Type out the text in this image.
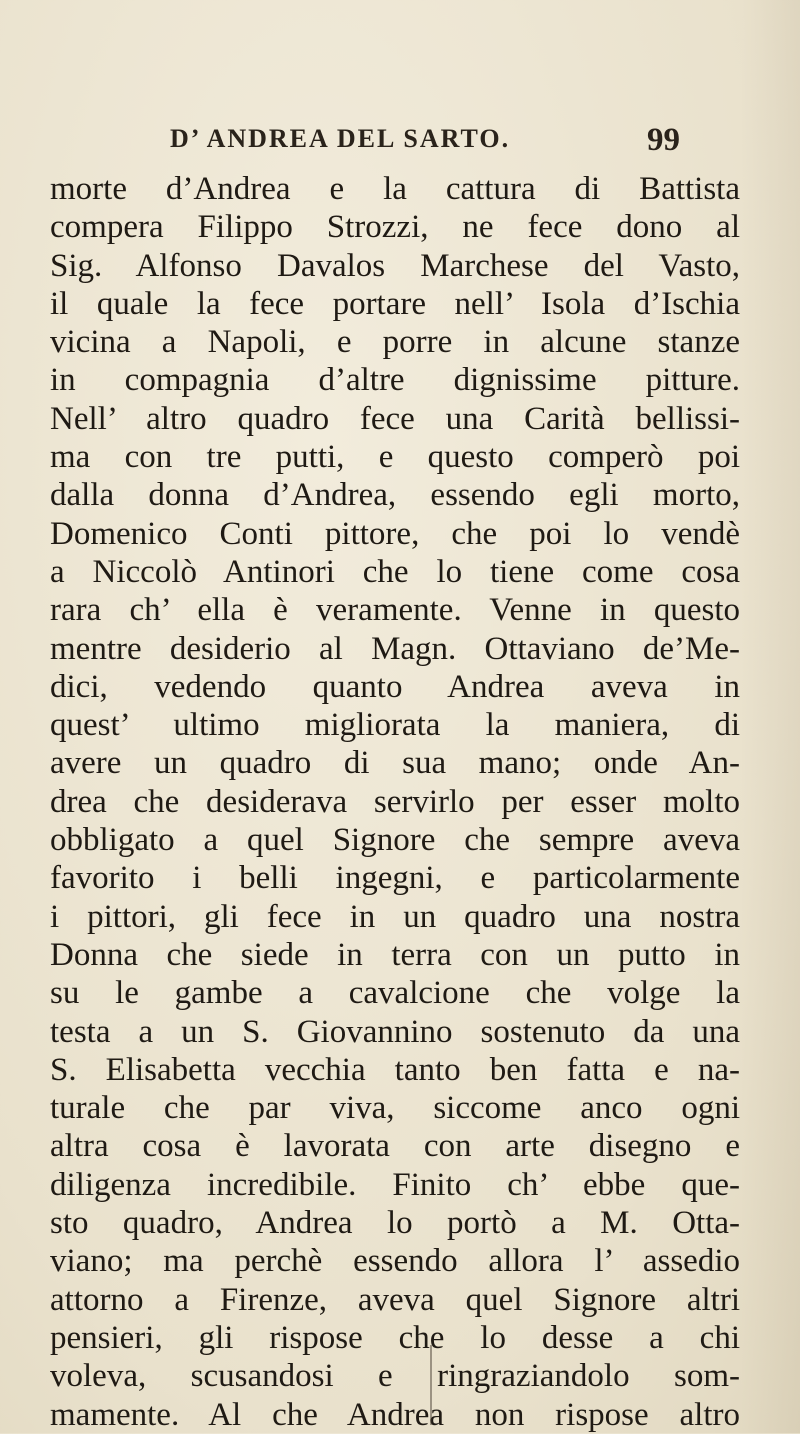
D’ ANDREA DEL SARTO.	99
morte d’Andrea e la cattura di Battista
compera Filippo Strozzi, ne fece dono al
Sig. Alfonso Davalos Marchese del Vasto,
il quale la fece portare nell’ Isola d’Ischia
vicina a Napoli, e porre in alcune stanze
in compagnia d’altre dignissime pitture.
Nell’ altro quadro fece una Carità bellissi-
ma con tre putti, e questo comperò poi
dalla donna d’Andrea, essendo egli morto,
Domenico Conti pittore, che poi lo vendè
a Niccolò Antinori che lo tiene come cosa
rara ch’ ella è veramente. Venne in questo
mentre desiderio al Magn. Ottaviano de’Me-
dici, vedendo quanto Andrea aveva in
quest’ ultimo migliorata la maniera, di
avere un quadro di sua mano; onde An-
drea che desiderava servirlo per esser molto
obbligato a quel Signore che sempre aveva
favorito i belli ingegni, e particolarmente
i pittori, gli fece in un quadro una nostra
Donna che siede in terra con un putto in
su le gambe a cavalcione che volge la
testa a un S. Giovannino sostenuto da una
S. Elisabetta vecchia tanto ben fatta e na-
turale che par viva, siccome anco ogni
altra cosa è lavorata con arte disegno e
diligenza incredibile. Finito ch’ ebbe que-
sto quadro, Andrea lo portò a M. Otta-
viano; ma perchè essendo allora l’ assedio
attorno a Firenze, aveva quel Signore altri
pensieri, gli rispose che lo desse a chi
voleva, scusandosi e ringraziandolo som-
mamente. Al che Andrea non rispose altro
